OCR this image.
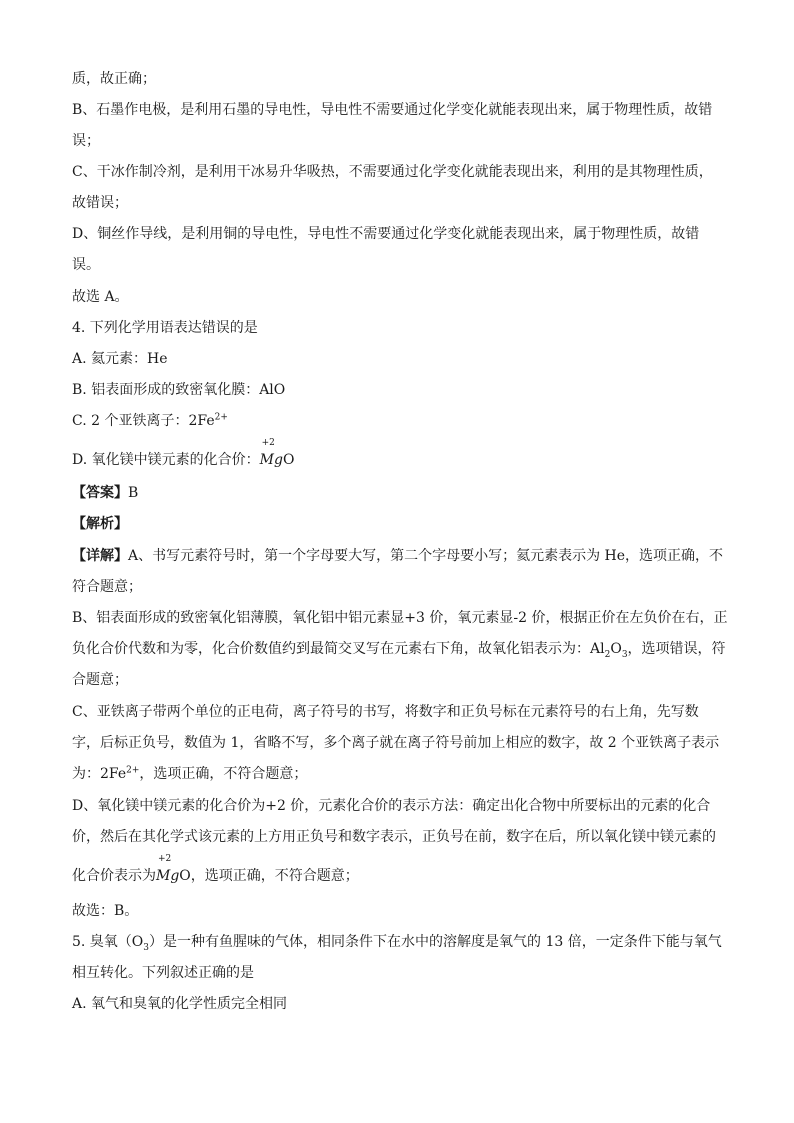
质，故正确；
B、石墨作电极，是利用石墨的导电性，导电性不需要通过化学变化就能表现出来，属于物理性质，故错
误；
C、干冰作制冷剂，是利用干冰易升华吸热，不需要通过化学变化就能表现出来，利用的是其物理性质，
故错误；
D、铜丝作导线，是利用铜的导电性，导电性不需要通过化学变化就能表现出来，属于物理性质，故错
误。
故选 A。
4. 下列化学用语表达错误的是
A. 氦元素：He
B. 铝表面形成的致密氧化膜：AlO
C. 2 个亚铁离子：$2Fe^{2+}$
D. 氧化镁中镁元素的化合价：
+2
MgO
【答案】B
【解析】
【详解】A、书写元素符号时，第一个字母要大写，第二个字母要小写；氦元素表示为 He，选项正确，不
符合题意；
B、铝表面形成的致密氧化铝薄膜，氧化铝中铝元素显+3 价，氧元素显-2 价，根据正价在左负价在右，正
负化合价代数和为零，化合价数值约到最简交叉写在元素右下角，故氧化铝表示为：$Al_2O_3$，选项错误，符
合题意；
C、亚铁离子带两个单位的正电荷，离子符号的书写，将数字和正负号标在元素符号的右上角，先写数
字，后标正负号，数值为 1，省略不写，多个离子就在离子符号前加上相应的数字，故 2 个亚铁离子表示
为：$2Fe^{2+}$，选项正确，不符合题意；
D、氧化镁中镁元素的化合价为+2 价，元素化合价的表示方法：确定出化合物中所要标出的元素的化合
价，然后在其化学式该元素的上方用正负号和数字表示，正负号在前，数字在后，所以氧化镁中镁元素的
化合价表示为
+2
MgO，选项正确，不符合题意；
故选：B。
5. 臭氧$(O_3)$是一种有鱼腥味的气体，相同条件下在水中的溶解度是氧气的 13 倍，一定条件下能与氧气
相互转化。下列叙述正确的是
A. 氧气和臭氧的化学性质完全相同
